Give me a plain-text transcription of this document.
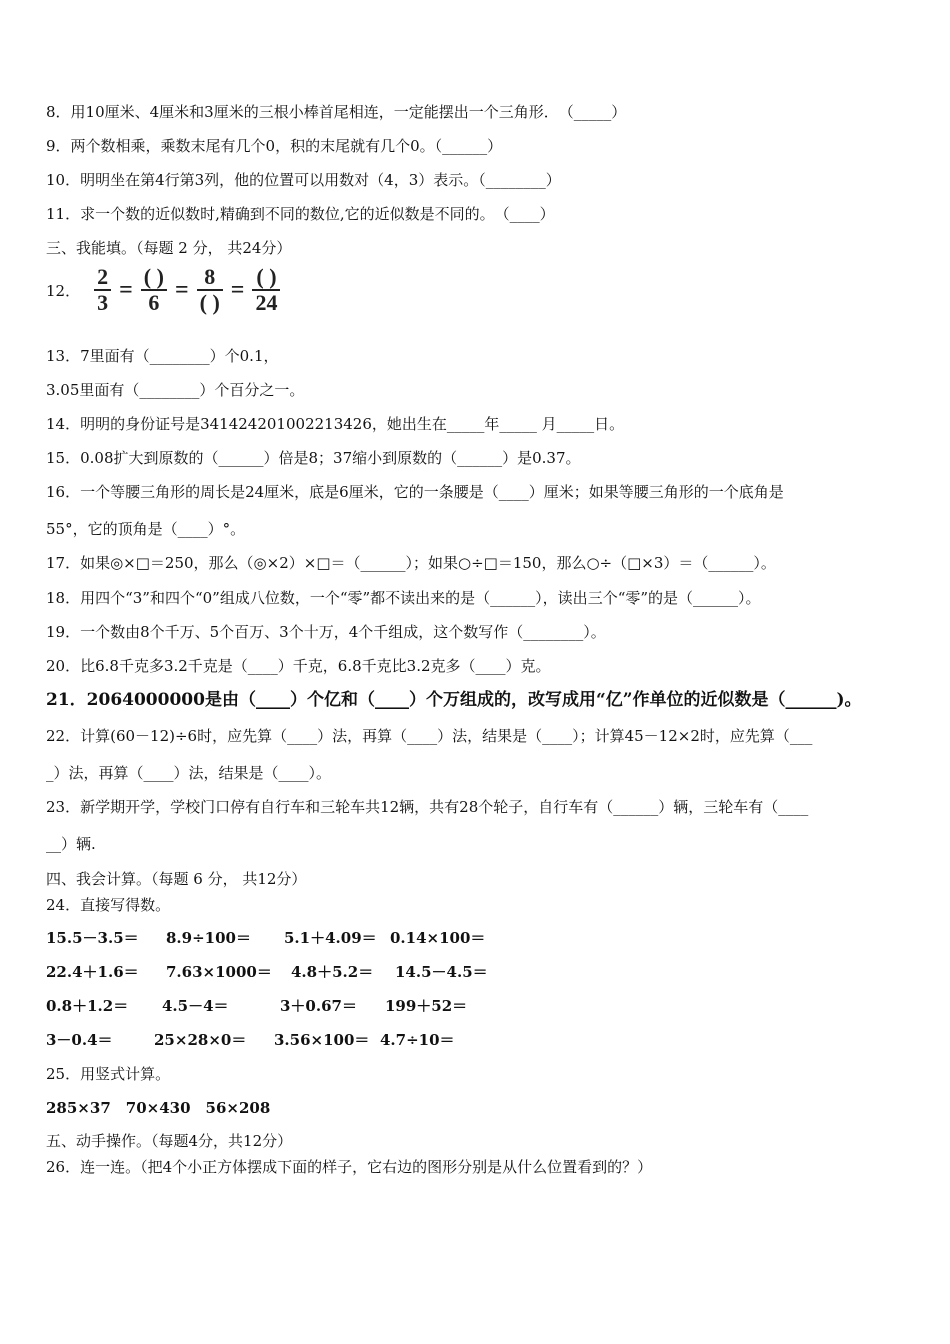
8．用10厘米、4厘米和3厘米的三根小棒首尾相连，一定能摆出一个三角形．　（_____）
9．两个数相乘，乘数末尾有几个0，积的末尾就有几个0。（______）
10．明明坐在第4行第3列，他的位置可以用数对（4，3）表示。（________）
11．求一个数的近似数时,精确到不同的数位,它的近似数是不同的。　（____）
三、我能填。（每题 2 分， 共24分）
12． $\frac{2}{3} = \frac{( )}{6} = \frac{8}{( )} = \frac{( )}{24}$
13．7里面有（________）个0.1，
3.05里面有（________）个百分之一。
14．明明的身份证号是341424201002213426，她出生在_____年_____ 月_____日。
15．0.08扩大到原数的（______）倍是8；37缩小到原数的（______）是0.37。
16．一个等腰三角形的周长是24厘米，底是6厘米，它的一条腰是（____）厘米；如果等腰三角形的一个底角是
55°，它的顶角是（____）°。
17．如果◎×□＝250，那么（◎×2）×□＝（______）；如果○÷□＝150，那么○÷（□×3）＝（______）。
18．用四个“3”和四个“0”组成八位数，一个“零”都不读出来的是（______），读出三个“零”的是（______）。
19．一个数由8个千万、5个百万、3个十万，4个千组成，这个数写作（________）。
20．比6.8千克多3.2千克是（____）千克，6.8千克比3.2克多（____）克。
21．2064000000是由（____）个亿和（____）个万组成的，改写成用“亿”作单位的近似数是（______)。
22．计算(60－12)÷6时，应先算（____）法，再算（____）法，结果是（____）；计算45－12×2时，应先算（___
_）法，再算（____）法，结果是（____）。
23．新学期开学，学校门口停有自行车和三轮车共12辆，共有28个轮子，自行车有（______）辆，三轮车有（____
__）辆.
四、我会计算。（每题 6 分， 共12分）
24．直接写得数。
15.5－3.5＝ 8.9÷100＝ 5.1＋4.09＝ 0.14×100＝
22.4＋1.6＝ 7.63×1000＝ 4.8＋5.2＝ 14.5－4.5＝
0.8＋1.2＝ 4.5－4＝	3＋0.67＝ 199＋52＝
3－0.4＝	25×28×0＝ 3.56×100＝ 4.7÷10＝
25．用竖式计算。
285×37　70×430　56×208
五、动手操作。（每题4分，共12分）
26．连一连。（把4个小正方体摆成下面的样子，它右边的图形分别是从什么位置看到的？）
